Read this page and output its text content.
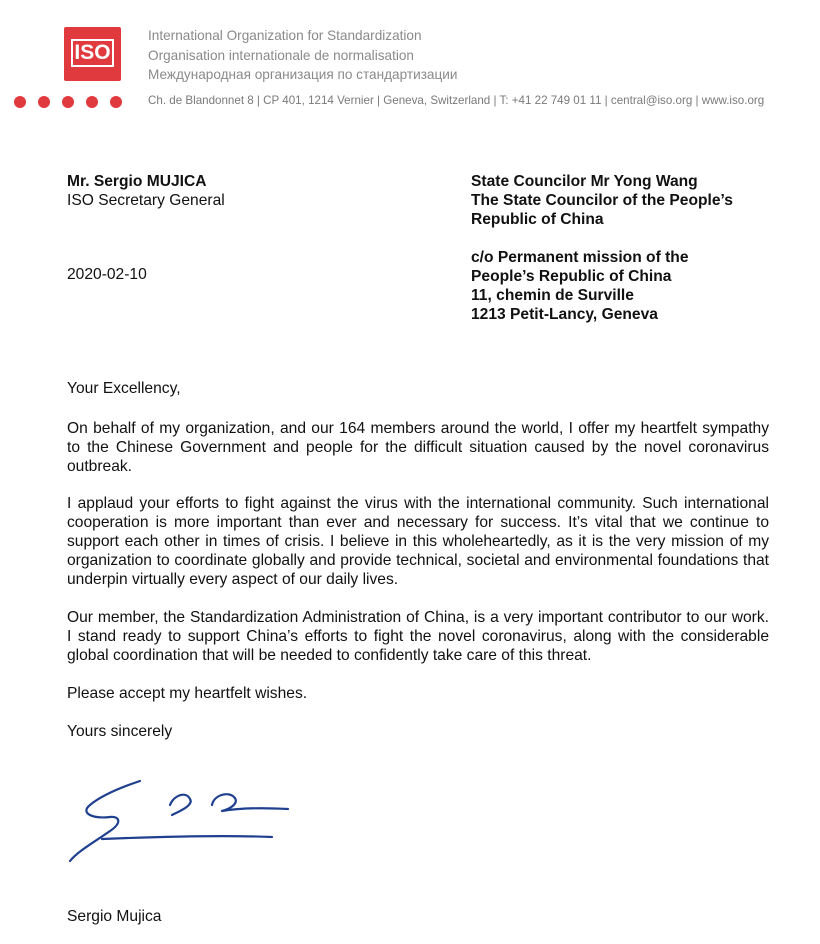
ISO
International Organization for Standardization
Organisation internationale de normalisation
Международная организация по стандартизации
Ch. de Blandonnet 8 | CP 401, 1214 Vernier | Geneva, Switzerland | T: +41 22 749 01 11 | central@iso.org | www.iso.org
Mr. Sergio MUJICA
ISO Secretary General
2020-02-10
State Councilor Mr Yong Wang
The State Councilor of the People’s
Republic of China
c/o Permanent mission of the
People’s Republic of China
11, chemin de Surville
1213 Petit-Lancy, Geneva
Your Excellency,
On behalf of my organization, and our 164 members around the world, I offer my heartfelt sympathy to the Chinese Government and people for the difficult situation caused by the novel coronavirus outbreak.
I applaud your efforts to fight against the virus with the international community. Such international cooperation is more important than ever and necessary for success. It’s vital that we continue to support each other in times of crisis. I believe in this wholeheartedly, as it is the very mission of my organization to coordinate globally and provide technical, societal and environmental foundations that underpin virtually every aspect of our daily lives.
Our member, the Standardization Administration of China, is a very important contributor to our work. I stand ready to support China’s efforts to fight the novel coronavirus, along with the considerable global coordination that will be needed to confidently take care of this threat.
Please accept my heartfelt wishes.
Yours sincerely
Sergio Mujica
